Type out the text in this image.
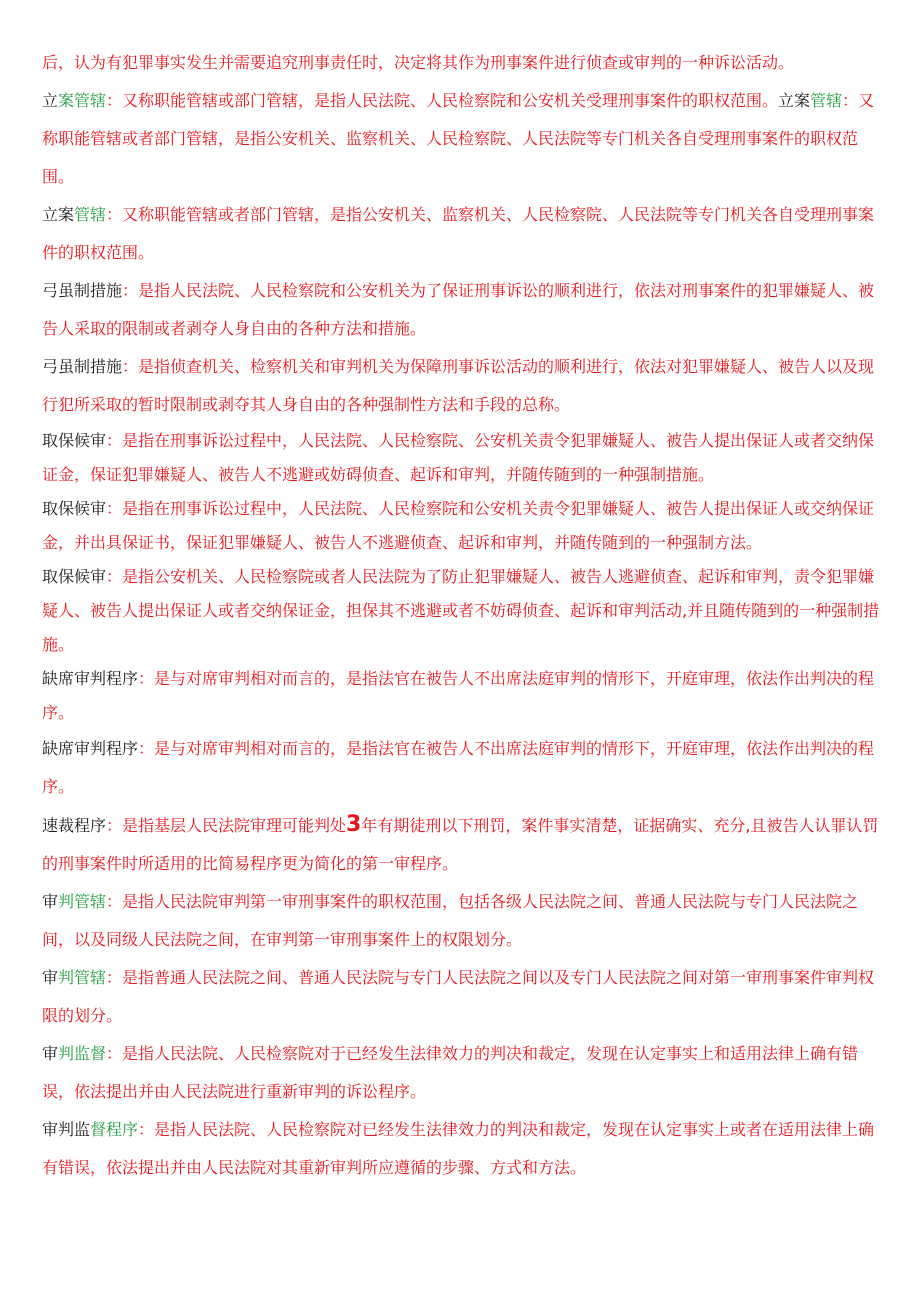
后，认为有犯罪事实发生并需要追究刑事责任时，决定将其作为刑事案件进行侦查或审判的一种诉讼活动。

立案管辖：又称职能管辖或部门管辖，是指人民法院、人民检察院和公安机关受理刑事案件的职权范围。立案管辖：又称职能管辖或者部门管辖，是指公安机关、监察机关、人民检察院、人民法院等专门机关各自受理刑事案件的职权范围。

立案管辖：又称职能管辖或者部门管辖，是指公安机关、监察机关、人民检察院、人民法院等专门机关各自受理刑事案件的职权范围。

弓虽制措施：是指人民法院、人民检察院和公安机关为了保证刑事诉讼的顺利进行，依法对刑事案件的犯罪嫌疑人、被告人采取的限制或者剥夺人身自由的各种方法和措施。

弓虽制措施：是指侦查机关、检察机关和审判机关为保障刑事诉讼活动的顺利进行，依法对犯罪嫌疑人、被告人以及现行犯所采取的暂时限制或剥夺其人身自由的各种强制性方法和手段的总称。

取保候审：是指在刑事诉讼过程中，人民法院、人民检察院、公安机关责令犯罪嫌疑人、被告人提出保证人或者交纳保证金，保证犯罪嫌疑人、被告人不逃避或妨碍侦查、起诉和审判，并随传随到的一种强制措施。

取保候审：是指在刑事诉讼过程中，人民法院、人民检察院和公安机关责令犯罪嫌疑人、被告人提出保证人或交纳保证金，并出具保证书，保证犯罪嫌疑人、被告人不逃避侦查、起诉和审判，并随传随到的一种强制方法。

取保候审：是指公安机关、人民检察院或者人民法院为了防止犯罪嫌疑人、被告人逃避侦查、起诉和审判，责令犯罪嫌疑人、被告人提出保证人或者交纳保证金，担保其不逃避或者不妨碍侦查、起诉和审判活动,并且随传随到的一种强制措施。

缺席审判程序：是与对席审判相对而言的，是指法官在被告人不出席法庭审判的情形下，开庭审理，依法作出判决的程序。

缺席审判程序：是与对席审判相对而言的，是指法官在被告人不出席法庭审判的情形下，开庭审理，依法作出判决的程序。

速裁程序：是指基层人民法院审理可能判处3年有期徒刑以下刑罚，案件事实清楚，证据确实、充分,且被告人认罪认罚的刑事案件时所适用的比简易程序更为简化的第一审程序。

审判管辖：是指人民法院审判第一审刑事案件的职权范围，包括各级人民法院之间、普通人民法院与专门人民法院之间，以及同级人民法院之间，在审判第一审刑事案件上的权限划分。

审判管辖：是指普通人民法院之间、普通人民法院与专门人民法院之间以及专门人民法院之间对第一审刑事案件审判权限的划分。

审判监督：是指人民法院、人民检察院对于已经发生法律效力的判决和裁定，发现在认定事实上和适用法律上确有错误，依法提出并由人民法院进行重新审判的诉讼程序。

审判监督程序：是指人民法院、人民检察院对已经发生法律效力的判决和裁定，发现在认定事实上或者在适用法律上确有错误，依法提出并由人民法院对其重新审判所应遵循的步骤、方式和方法。
